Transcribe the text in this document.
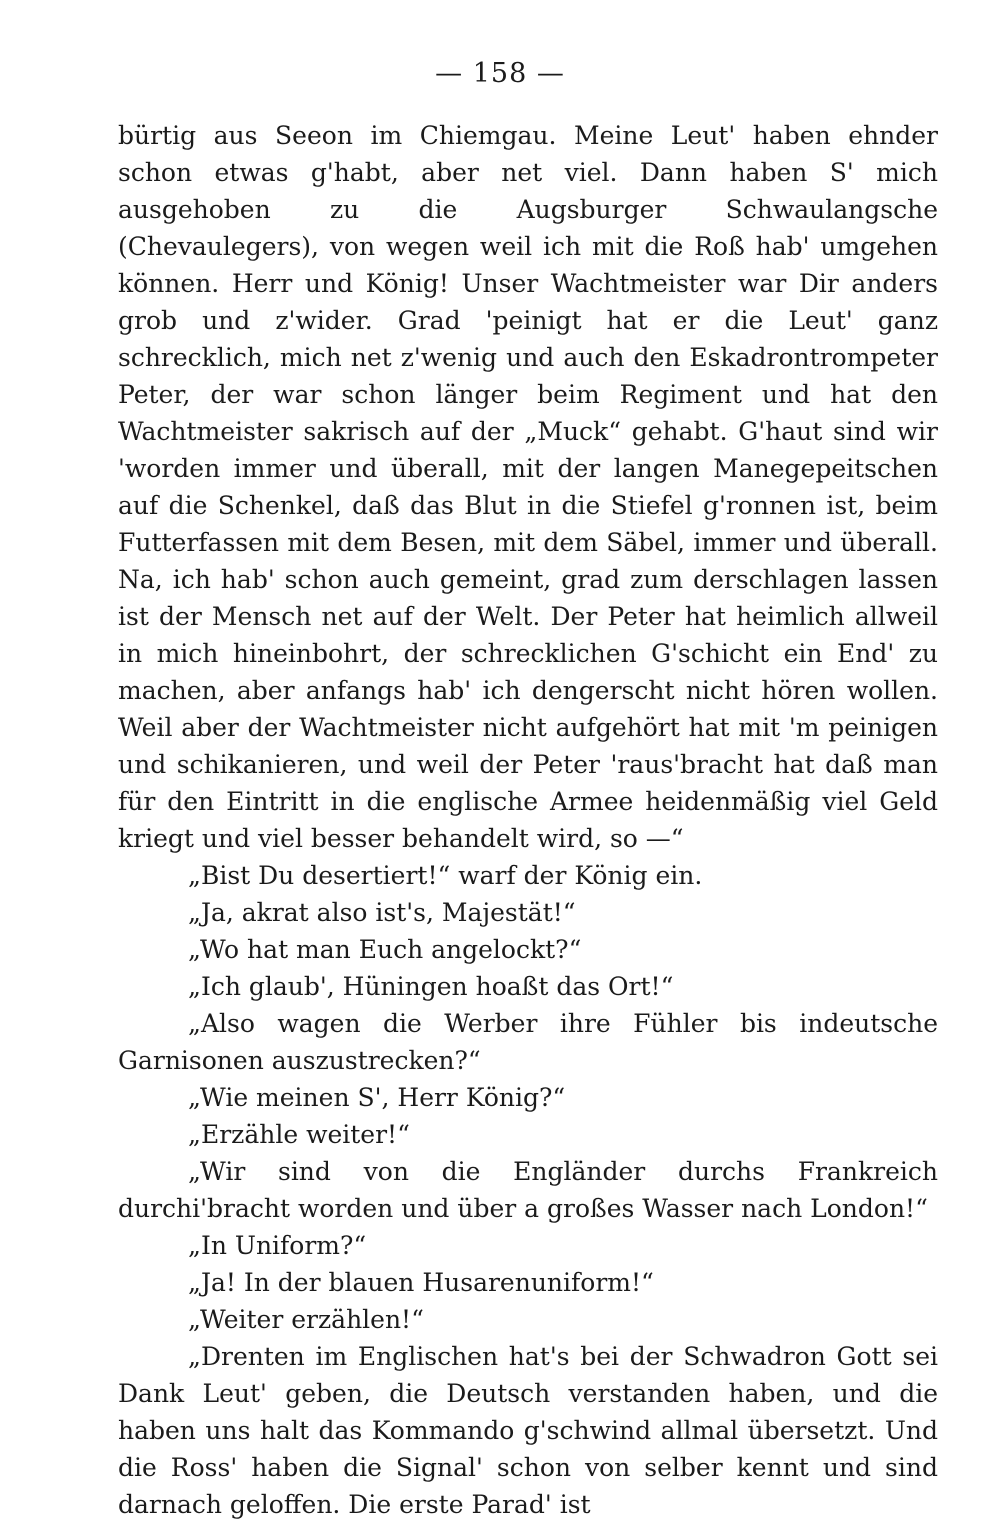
— 158 —

bürtig aus Seeon im Chiemgau. Meine Leut' haben ehnder schon etwas g'habt, aber net viel. Dann haben S' mich ausgehoben zu die Augsburger Schwaulangsche (Chevaulegers), von wegen weil ich mit die Roß hab' umgehen können. Herr und König! Unser Wachtmeister war Dir anders grob und z'wider. Grad 'peinigt hat er die Leut' ganz schrecklich, mich net z'wenig und auch den Eskadrontrompeter Peter, der war schon länger beim Regiment und hat den Wachtmeister sakrisch auf der „Muck“ gehabt. G'haut sind wir 'worden immer und überall, mit der langen Manegepeitschen auf die Schenkel, daß das Blut in die Stiefel g'ronnen ist, beim Futterfassen mit dem Besen, mit dem Säbel, immer und überall. Na, ich hab' schon auch gemeint, grad zum derschlagen lassen ist der Mensch net auf der Welt. Der Peter hat heimlich allweil in mich hineinbohrt, der schrecklichen G'schicht ein End' zu machen, aber anfangs hab' ich dengerscht nicht hören wollen. Weil aber der Wachtmeister nicht aufgehört hat mit 'm peinigen und schikanieren, und weil der Peter 'raus'bracht hat daß man für den Eintritt in die englische Armee heidenmäßig viel Geld kriegt und viel besser behandelt wird, so —“

„Bist Du desertiert!“ warf der König ein.

„Ja, akrat also ist's, Majestät!“

„Wo hat man Euch angelockt?“

„Ich glaub', Hüningen hoaßt das Ort!“

„Also wagen die Werber ihre Fühler bis indeutsche Garnisonen auszustrecken?“

„Wie meinen S', Herr König?“

„Erzähle weiter!“

„Wir sind von die Engländer durchs Frankreich durchi'bracht worden und über a großes Wasser nach London!“

„In Uniform?“

„Ja! In der blauen Husarenuniform!“

„Weiter erzählen!“

„Drenten im Englischen hat's bei der Schwadron Gott sei Dank Leut' geben, die Deutsch verstanden haben, und die haben uns halt das Kommando g'schwind allmal übersetzt. Und die Ross' haben die Signal' schon von selber kennt und sind darnach geloffen. Die erste Parad' ist
